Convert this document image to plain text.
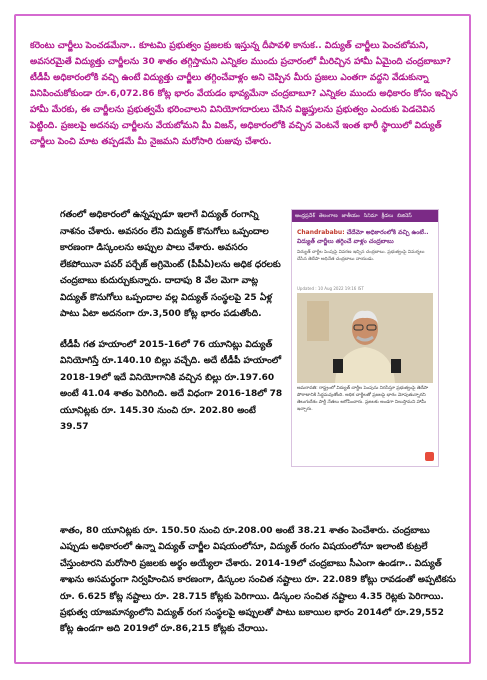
కరెంటు చార్జీలు పెంచడమేనా.. కూటమి ప్రభుత్వం ప్రజలకు ఇస్తున్న దీపావళి కానుక.. విద్యుత్ చార్జీలు పెంచబోమని, అవసరమైతే విద్యుత్తు చార్జీలను 30 శాతం తగ్గిస్తామని ఎన్నికల ముందు ప్రచారంలో మీరిచ్చిన హామీ ఏమైంది చంద్రబాబూ? టీడీపీ అధికారంలోకి వచ్చి ఉంటే విద్యుత్తు చార్జీలు తగ్గించేవాళ్లం అని చెప్పిన మీరు ప్రజలు ఎంతగా వద్దని వేడుకున్నా వినిపించుకోకుండా రూ.6,072.86 కోట్ల భారం వేయడం భావ్యమేనా చంద్రబాబూ? ఎన్నికల ముందు అధికారం కోసం ఇచ్చిన హామీ మేరకు, ఈ చార్జీలను ప్రభుత్వమే భరించాలని వినియోగదారులు చేసిన విజ్ఞప్తులను ప్రభుత్వం ఎందుకు పెడచెవిన పెట్టింది. ప్రజలపై అదనపు చార్జీలను వేయబోమని మీ విజన్, అధికారంలోకి వచ్చిన వెంటనే ఇంత భారీ స్థాయిలో విద్యుత్ చార్జీలు పెంచి మాట తప్పడమే మీ నైజమని మరోసారి రుజువు చేశారు.

గతంలో అధికారంలో ఉన్నప్పుడూ ఇలాగే విద్యుత్ రంగాన్ని నాశనం చేశారు. అవసరం లేని విద్యుత్ కొనుగోలు ఒప్పందాల కారణంగా డిస్కంలను అప్పుల పాలు చేశారు. అవసరం లేకపోయినా పవర్ పర్చేజ్ అగ్రిమెంట్ (పీపీఏ)లను అధిక ధరలకు చంద్రబాబు కుదుర్చుకున్నారు. దాదాపు 8 వేల మెగా వాట్ల విద్యుత్ కొనుగోలు ఒప్పందాల వల్ల విద్యుత్ సంస్థలపై 25 ఏళ్ల పాటు ఏటా అదనంగా రూ.3,500 కోట్ల భారం పడుతోంది.

టీడీపీ గత హయాంలో 2015-16లో 76 యూనిట్లు విద్యుత్ వినియోగిస్తే రూ.140.10 బిల్లు వచ్చేది. అదే టీడీపీ హయాంలో 2018-19లో ఇదే వినియోగానికి వచ్చిన బిల్లు రూ.197.60 అంటే 41.04 శాతం పెరిగింది. అదే విధంగా 2016-18లో 78 యూనిట్లకు రూ. 145.30 నుంచి రూ. 202.80 అంటే 39.57

ఆంధ్రప్రదేశ్ తెలంగాణ జాతీయం సినిమా క్రీడలు బిజినెస్
Chandrababu: చేదేమో అధికారంలోకి వచ్చి ఉంటే.. విద్యుత్ చార్జీలు తగ్గించే వాళ్లం చంద్రబాబు
విద్యుత్ చార్జీల పెంపుపై వివరణ ఇచ్చిన చంద్రబాబు. ప్రభుత్వంపై విమర్శలు చేసిన తెదేపా అధినేత చంద్రబాబు నాయుడు.
Updated : 10 Aug 2022 19:16 IST
అమరావతి: రాష్ట్రంలో విద్యుత్ చార్జీల పెంపును నిరసిస్తూ ప్రభుత్వంపై తెదేపా పోరాటానికి సిద్ధమవుతోంది. అధిక చార్జీలతో ప్రజలపై భారం మోపుతున్నారని తెలుగుదేశం పార్టీ నేతలు ఆరోపించారు. ప్రజలకు అండగా నిలుస్తామని హామీ ఇచ్చారు.
శాతం, 80 యూనిట్లకు రూ. 150.50 నుంచి రూ.208.00 అంటే 38.21 శాతం పెంచేశారు. చంద్రబాబు ఎప్పుడు అధికారంలో ఉన్నా విద్యుత్ చార్జీల విషయంలోనూ, విద్యుత్ రంగం విషయంలోనూ ఇలాంటి కుట్రలే చేస్తుంటారని మరోసారి ప్రజలకు అర్థం అయ్యేలా చేశారు. 2014-19లో చంద్రబాబు సీఎంగా ఉండగా.. విద్యుత్ శాఖను అసమర్థంగా నిర్వహించిన కారణంగా, డిస్కంల సంచిత నష్టాలు రూ. 22.089 కోట్లు రావడంతో అప్పటికను రూ. 6.625 కోట్ల నష్టాలు రూ. 28.715 కోట్లకు పెరిగాయి. డిస్కంల సంచిత నష్టాలు 4.35 రెట్లకు పెరిగాయి. ప్రభుత్వ యాజమాన్యంలోని విద్యుత్ రంగ సంస్థలపై అప్పులతో పాటు బకాయిల భారం 2014లో రూ.29,552 కోట్ల ఉండగా అది 2019లో రూ.86,215 కోట్లకు చేరాయి.
